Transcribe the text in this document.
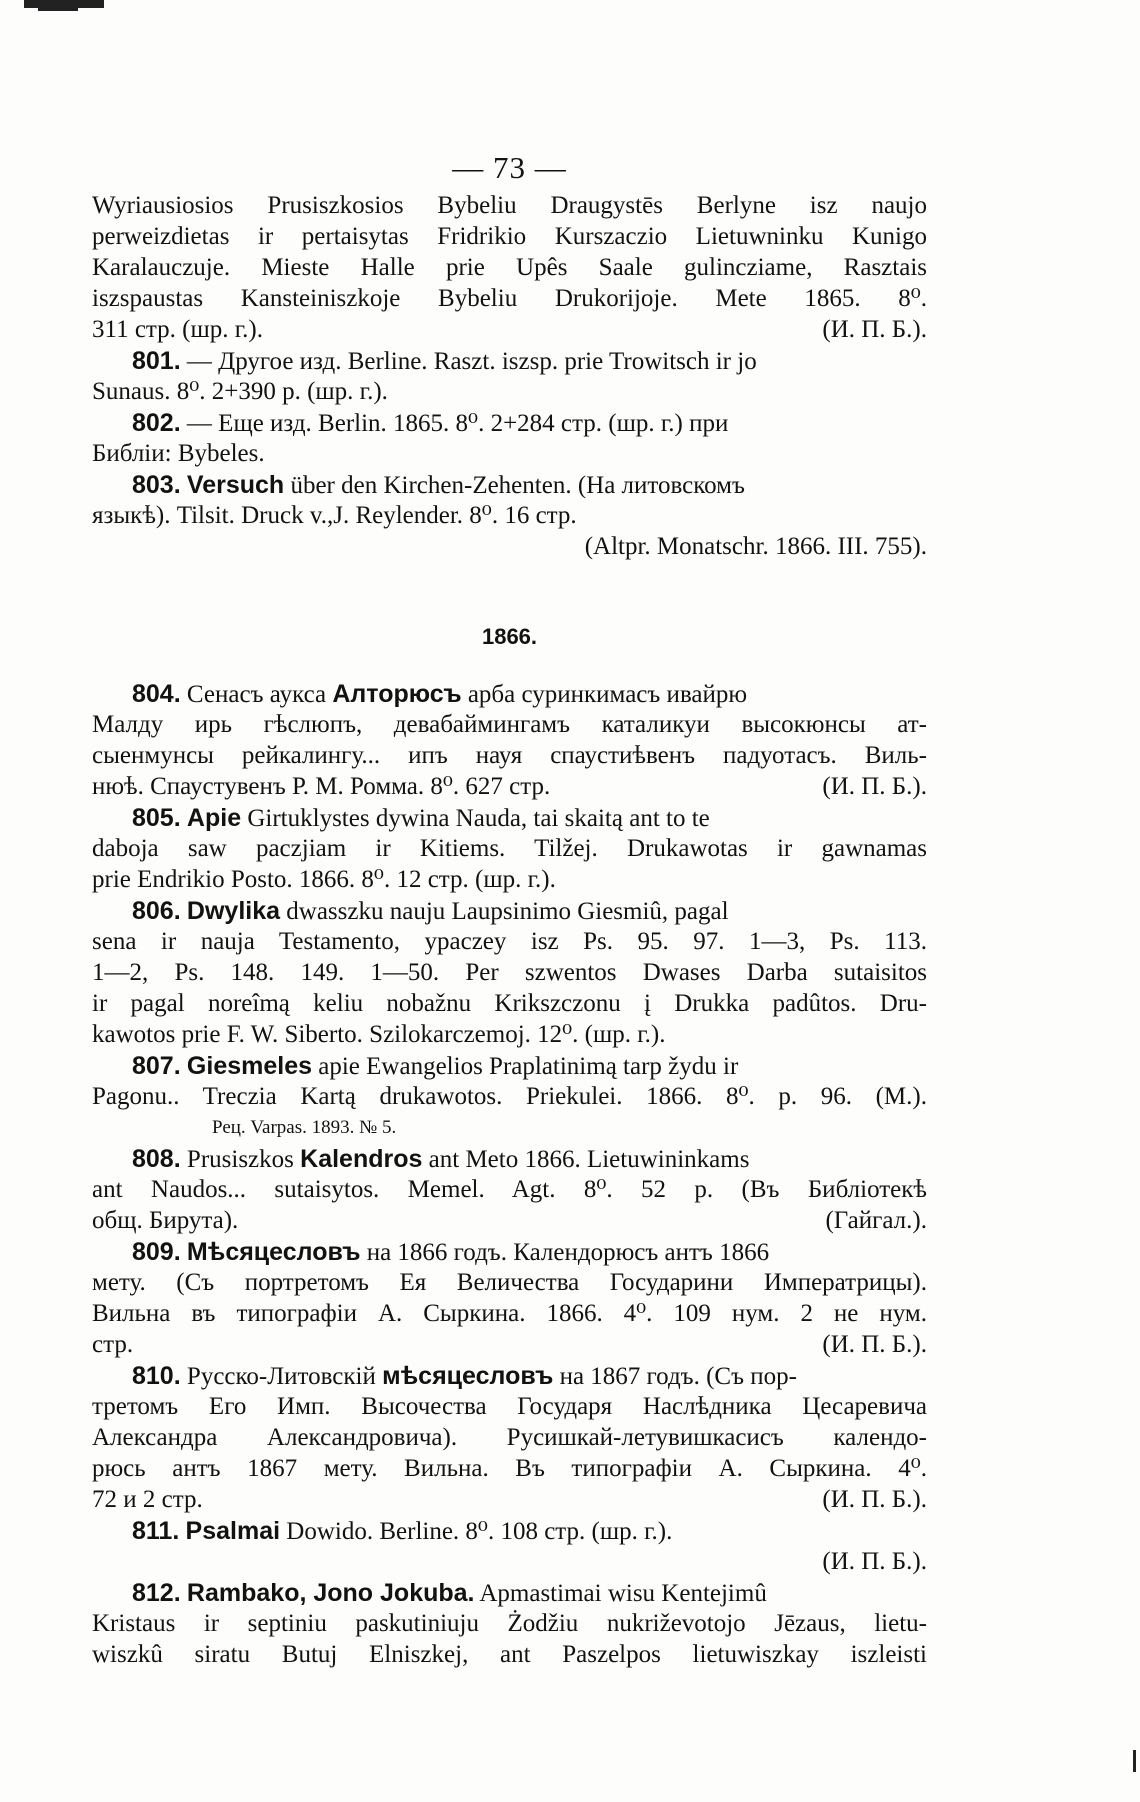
— 73 —
Wyriausiosios Prusiszkosios Bybeliu Draugystēs Berlyne isz naujo
perweizdietas ir pertaisytas Fridrikio Kurszaczio Lietuwninku Kunigo
Karalauczuje. Mieste Halle prie Upês Saale gulincziame, Rasztais
iszspaustas Kansteiniszkoje Bybeliu Drukorijoje. Mete 1865. 8⁰.
311 стр. (шр. г.).	(И. П. Б.).
801. — Другое изд. Berline. Raszt. iszsp. prie Trowitsch ir jo
Sunaus. 8⁰. 2+390 р. (шр. г.).
802. — Еще изд. Berlin. 1865. 8⁰. 2+284 стр. (шр. г.) при
Библіи: Bybeles.
803. Versuch über den Kirchen-Zehenten. (На литовскомъ
языкѣ). Tilsit. Druck v.,J. Reylender. 8⁰. 16 стр.
(Altpr. Monatschr. 1866. III. 755).
1866.
804. Сенасъ аукса Алторюсъ арба суринкимасъ ивайрю
Малду ирь гѣслюпъ, девабаймингамъ каталикуи высокюнсы ат-
сыенмунсы рейкалингу... ипъ науя спаустиѣвенъ падуотасъ. Виль-
нюѣ. Спаустувенъ Р. М. Ромма. 8⁰. 627 стр.	(И. П. Б.).
805. Apie Girtuklystes dywina Nauda, tai skaitą ant to te
daboja saw paczjiam ir Kitiems. Tilžej. Drukawotas ir gawnamas
prie Endrikio Posto. 1866. 8⁰. 12 стр. (шр. г.).
806. Dwylika dwasszku nauju Laupsinimo Giesmiû, pagal
sena ir nauja Testamento, ypaczey isz Ps. 95. 97. 1—3, Ps. 113.
1—2, Ps. 148. 149. 1—50. Per szwentos Dwases Darba sutaisitos
ir pagal noreîmą keliu nobažnu Krikszczonu į Drukka padûtos. Dru-
kawotos prie F. W. Siberto. Szilokarczemoj. 12⁰. (шр. г.).
807. Giesmeles apie Ewangelios Praplatinimą tarp žydu ir
Pagonu.. Treczia Kartą drukawotos. Priekulei. 1866. 8⁰. p. 96. (М.).
Рец. Varpas. 1893. № 5.
808. Prusiszkos Kalendros ant Meto 1866. Lietuwininkams
ant Naudos... sutaisytos. Memel. Agt. 8⁰. 52 р. (Въ Библіотекѣ
общ. Бирута).	(Гайгал.).
809. Мѣсяцесловъ на 1866 годъ. Календорюсъ антъ 1866
мету. (Съ портретомъ Ея Величества Государини Императрицы).
Вильна въ типографіи А. Сыркина. 1866. 4⁰. 109 нум. 2 не нум.
стр.	(И. П. Б.).
810. Русско-Литовскій мѣсяцесловъ на 1867 годъ. (Съ пор-
третомъ Его Имп. Высочества Государя Наслѣдника Цесаревича
Александра Александровича). Русишкай-летувишкасисъ календо-
рюсь антъ 1867 мету. Вильна. Въ типографіи А. Сыркина. 4⁰.
72 и 2 стр.	(И. П. Б.).
811. Psalmai Dowido. Berline. 8⁰. 108 стр. (шр. г.).
(И. П. Б.).
812. Rambako, Jono Jokuba. Apmastimai wisu Kentejimû
Kristaus ir septiniu paskutiniuju Żodžiu nukriževotojo Jēzaus, lietu-
wiszkû siratu Butuj Elniszkej, ant Paszelpos lietuwiszkay iszleisti
